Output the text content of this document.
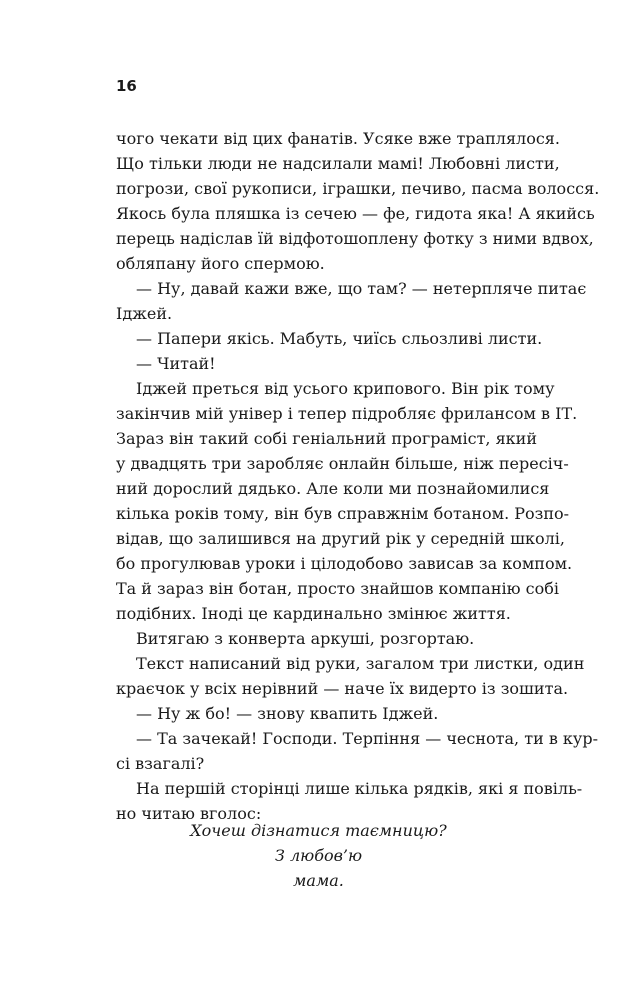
16
чого чекати від цих фанатів. Усяке вже траплялося.
Що тільки люди не надсилали мамі! Любовні листи,
погрози, свої рукописи, іграшки, печиво, пасма волосся.
Якось була пляшка із сечею — фе, гидота яка! А якийсь
перець надіслав їй відфотошоплену фотку з ними вдвох,
обляпану його спермою.
— Ну, давай кажи вже, що там? — нетерпляче питає
Іджей.
— Папери якісь. Мабуть, чиїсь сльозливі листи.
— Читай!
Іджей преться від усього крипового. Він рік тому
закінчив мій універ і тепер підробляє фрилансом в ІТ.
Зараз він такий собі геніальний програміст, який
у двадцять три заробляє онлайн більше, ніж пересіч-
ний дорослий дядько. Але коли ми познайомилися
кілька років тому, він був справжнім ботаном. Розпо-
відав, що залишився на другий рік у середній школі,
бо прогулював уроки і цілодобово зависав за компом.
Та й зараз він ботан, просто знайшов компанію собі
подібних. Іноді це кардинально змінює життя.
Витягаю з конверта аркуші, розгортаю.
Текст написаний від руки, загалом три листки, один
краєчок у всіх нерівний — наче їх видерто із зошита.
— Ну ж бо! — знову квапить Іджей.
— Та зачекай! Господи. Терпіння — чеснота, ти в кур-
сі взагалі?
На першій сторінці лише кілька рядків, які я повіль-
но читаю вголос:
Хочеш дізнатися таємницю?
З любов’ю
мама.
